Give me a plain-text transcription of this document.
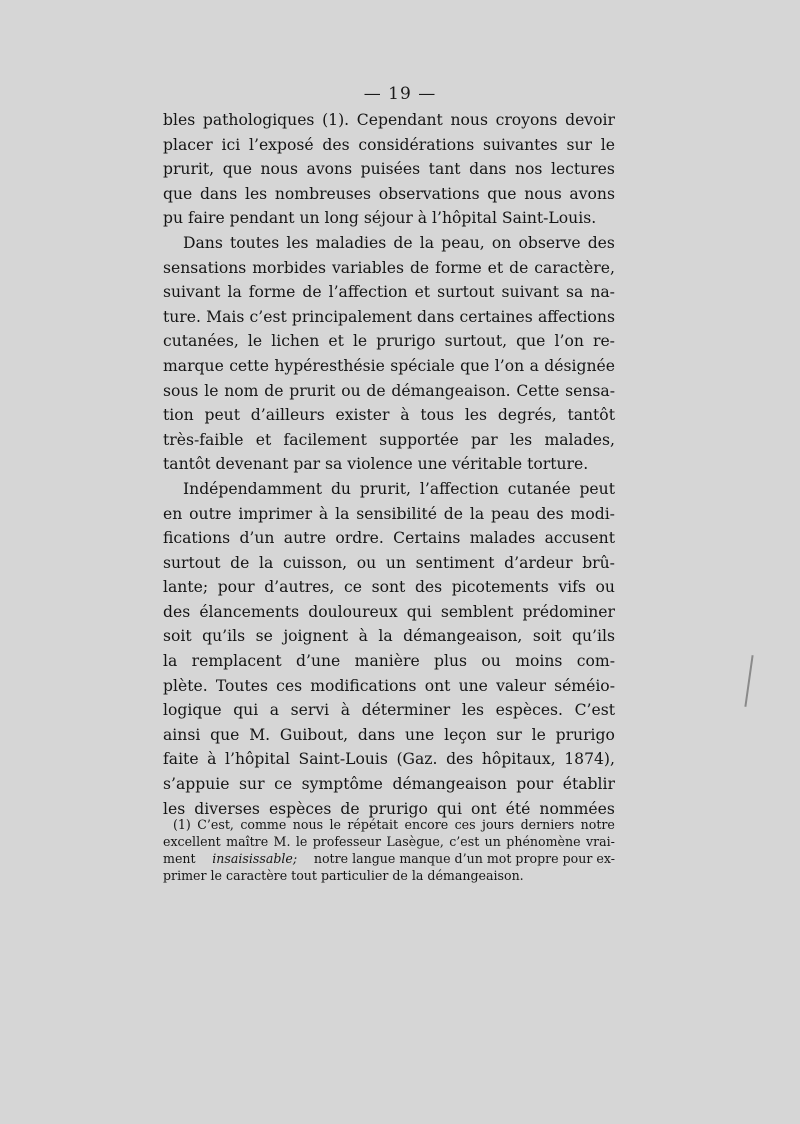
— 19 —
bles pathologiques (1). Cependant nous croyons devoir
placer ici l’exposé des considérations suivantes sur le
prurit, que nous avons puisées tant dans nos lectures
que dans les nombreuses observations que nous avons
pu faire pendant un long séjour à l’hôpital Saint-Louis.
Dans toutes les maladies de la peau, on observe des
sensations morbides variables de forme et de caractère,
suivant la forme de l’affection et surtout suivant sa na-
ture. Mais c’est principalement dans certaines affections
cutanées, le lichen et le prurigo surtout, que l’on re-
marque cette hypéresthésie spéciale que l’on a désignée
sous le nom de prurit ou de démangeaison. Cette sensa-
tion peut d’ailleurs exister à tous les degrés, tantôt
très-faible et facilement supportée par les malades,
tantôt devenant par sa violence une véritable torture.
Indépendamment du prurit, l’affection cutanée peut
en outre imprimer à la sensibilité de la peau des modi-
fications d’un autre ordre. Certains malades accusent
surtout de la cuisson, ou un sentiment d’ardeur brû-
lante; pour d’autres, ce sont des picotements vifs ou
des élancements douloureux qui semblent prédominer
soit qu’ils se joignent à la démangeaison, soit qu’ils
la remplacent d’une manière plus ou moins com-
plète. Toutes ces modifications ont une valeur séméio-
logique qui a servi à déterminer les espèces. C’est
ainsi que M. Guibout, dans une leçon sur le prurigo
faite à l’hôpital Saint-Louis (Gaz. des hôpitaux, 1874),
s’appuie sur ce symptôme démangeaison pour établir
les diverses espèces de prurigo qui ont été nommées
(1) C’est, comme nous le répétait encore ces jours derniers notre
excellent maître M. le professeur Lasègue, c’est un phénomène vrai-
ment insaisissable; notre langue manque d’un mot propre pour ex-
primer le caractère tout particulier de la démangeaison.
